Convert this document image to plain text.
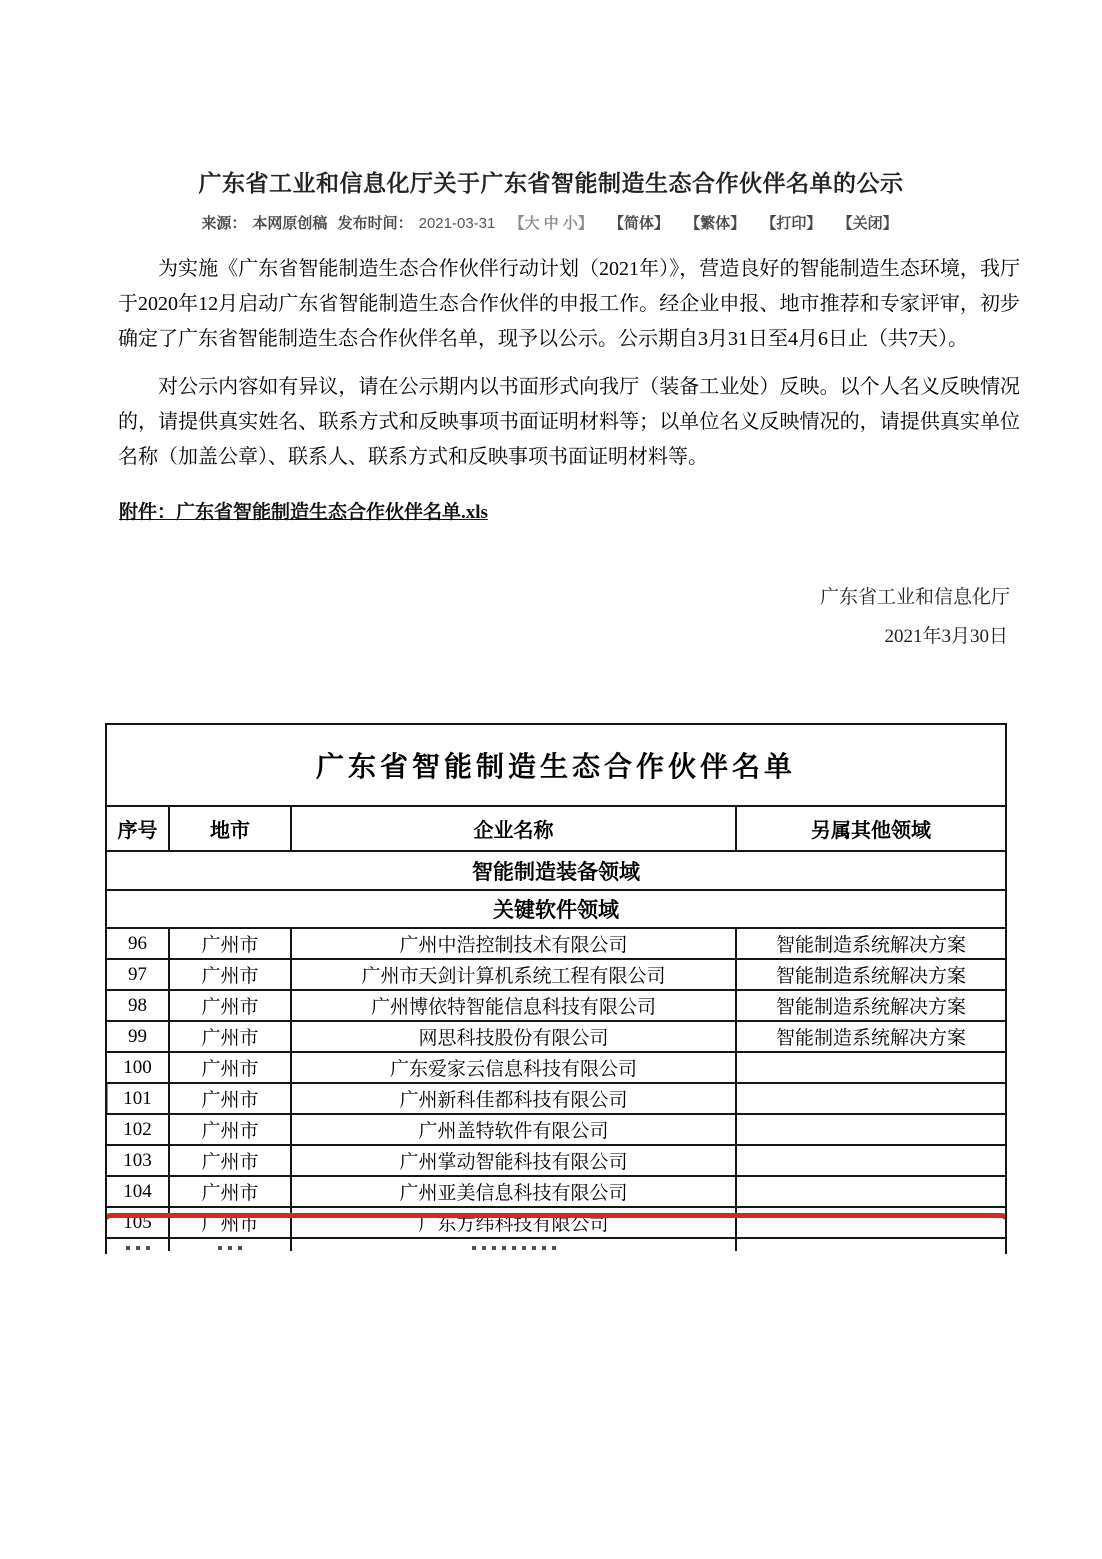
广东省工业和信息化厅关于广东省智能制造生态合作伙伴名单的公示
来源： 本网原创稿 发布时间： 2021-03-31 【大 中 小】 【简体】 【繁体】 【打印】 【关闭】

为实施《广东省智能制造生态合作伙伴行动计划（2021年）》，营造良好的智能制造生态环境，我厅于2020年12月启动广东省智能制造生态合作伙伴的申报工作。经企业申报、地市推荐和专家评审，初步确定了广东省智能制造生态合作伙伴名单，现予以公示。公示期自3月31日至4月6日止（共7天）。

对公示内容如有异议，请在公示期内以书面形式向我厅（装备工业处）反映。以个人名义反映情况的，请提供真实姓名、联系方式和反映事项书面证明材料等；以单位名义反映情况的，请提供真实单位名称（加盖公章）、联系人、联系方式和反映事项书面证明材料等。

附件：广东省智能制造生态合作伙伴名单.xls
广东省工业和信息化厅
2021年3月30日
广东省智能制造生态合作伙伴名单
序号	地市	企业名称	另属其他领域
智能制造装备领域
关键软件领域
96	广州市	广州中浩控制技术有限公司	智能制造系统解决方案
97	广州市	广州市天剑计算机系统工程有限公司	智能制造系统解决方案
98	广州市	广州博依特智能信息科技有限公司	智能制造系统解决方案
99	广州市	网思科技股份有限公司	智能制造系统解决方案
100	广州市	广东爱家云信息科技有限公司
101	广州市	广州新科佳都科技有限公司
102	广州市	广州盖特软件有限公司
103	广州市	广州掌动智能科技有限公司
104	广州市	广州亚美信息科技有限公司
105	广州市	广东方纬科技有限公司
